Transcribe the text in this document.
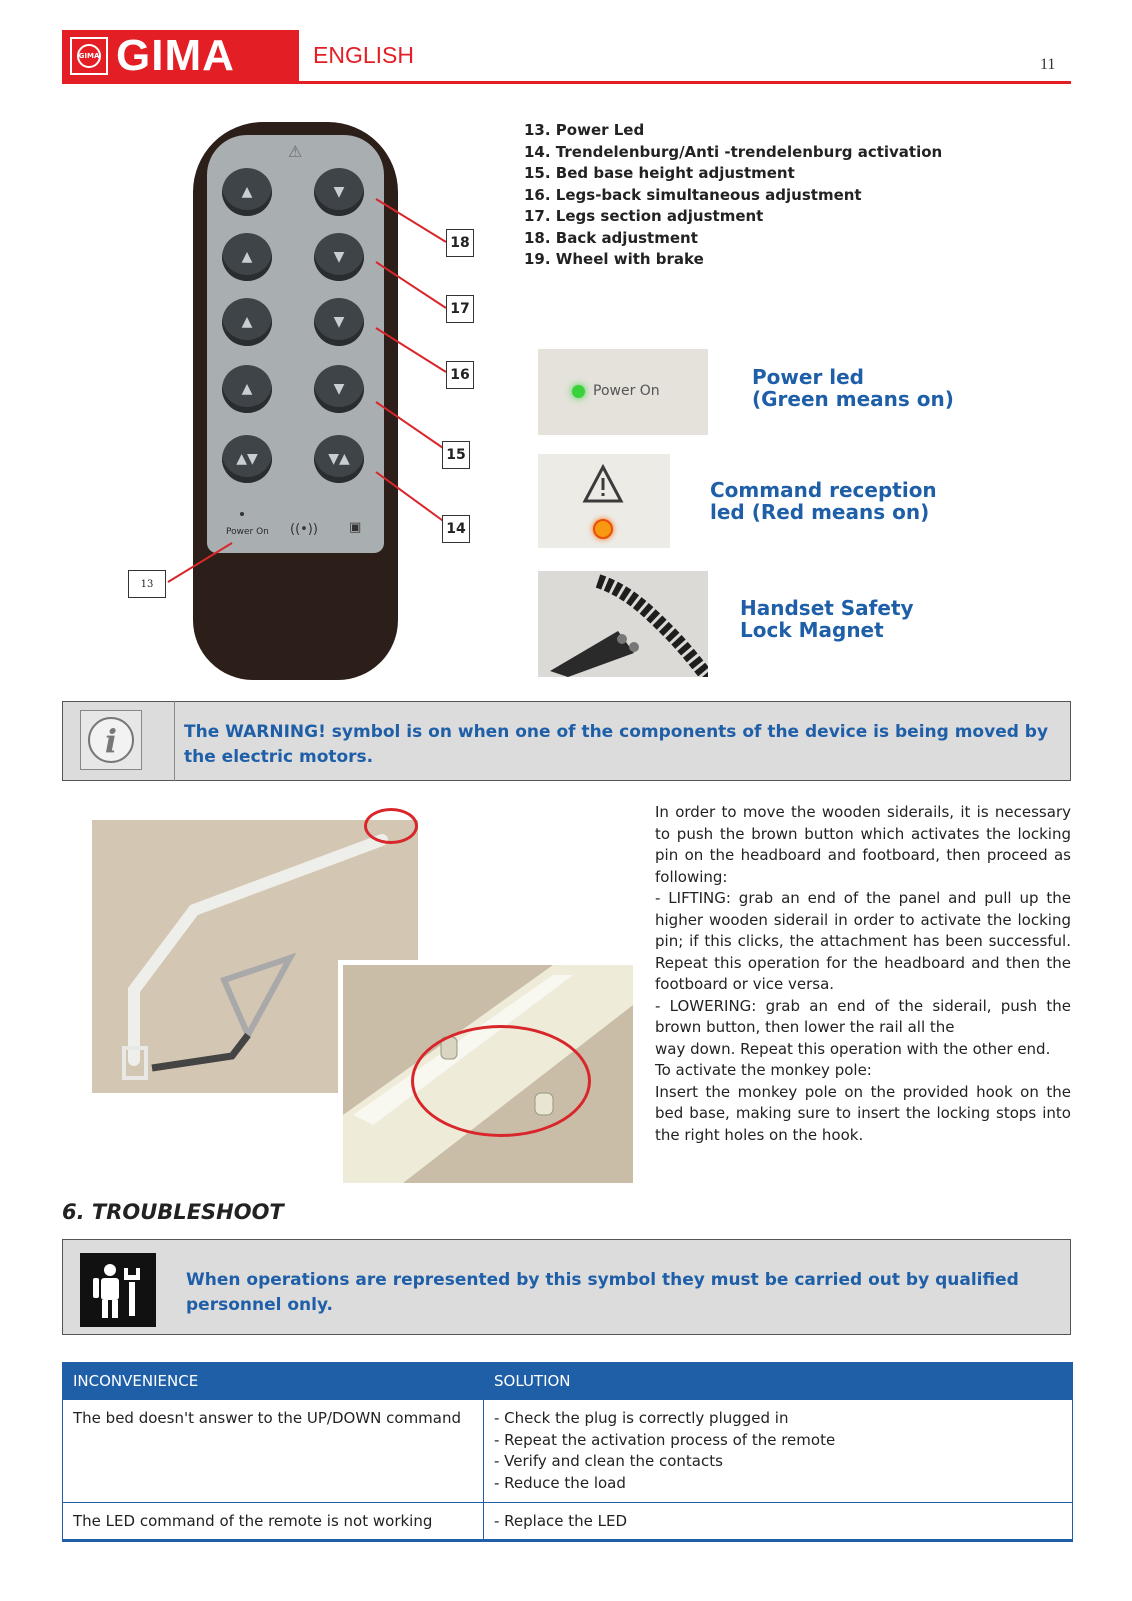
GIMA GIMA	ENGLISH	11
⚠
▲	▼
▲	▼
▲	▼
▲	▼
▲▼	▼▲
Power On ((•)) ▣
18
17
16
15
14
13
13. Power Led
14. Trendelenburg/Anti -trendelenburg activation
15. Bed base height adjustment
16. Legs-back simultaneous adjustment
17. Legs section adjustment
18. Back adjustment
19. Wheel with brake
Power On
Power led
(Green means on)
Command reception
led (Red means on)
Handset Safety
Lock Magnet
i	The WARNING! symbol is on when one of the components of the device is being moved by the electric motors.

In order to move the wooden siderails, it is necessary to push the brown button which activates the locking pin on the headboard and footboard, then proceed as following:

- LIFTING: grab an end of the panel and pull up the higher wooden siderail in order to activate the locking pin; if this clicks, the attachment has been successful. Repeat this operation for the headboard and then the footboard or vice versa.

- LOWERING: grab an end of the siderail, push the brown button, then lower the rail all the

way down. Repeat this operation with the other end.

To activate the monkey pole:

Insert the monkey pole on the provided hook on the bed base, making sure to insert the locking stops into the right holes on the hook.

6. TROUBLESHOOT
When operations are represented by this symbol they must be carried out by qualified personnel only.
INCONVENIENCE	SOLUTION
The bed doesn't answer to the UP/DOWN command	- Check the plug is correctly plugged in
- Repeat the activation process of the remote
- Verify and clean the contacts
- Reduce the load

The LED command of the remote is not working	- Replace the LED
